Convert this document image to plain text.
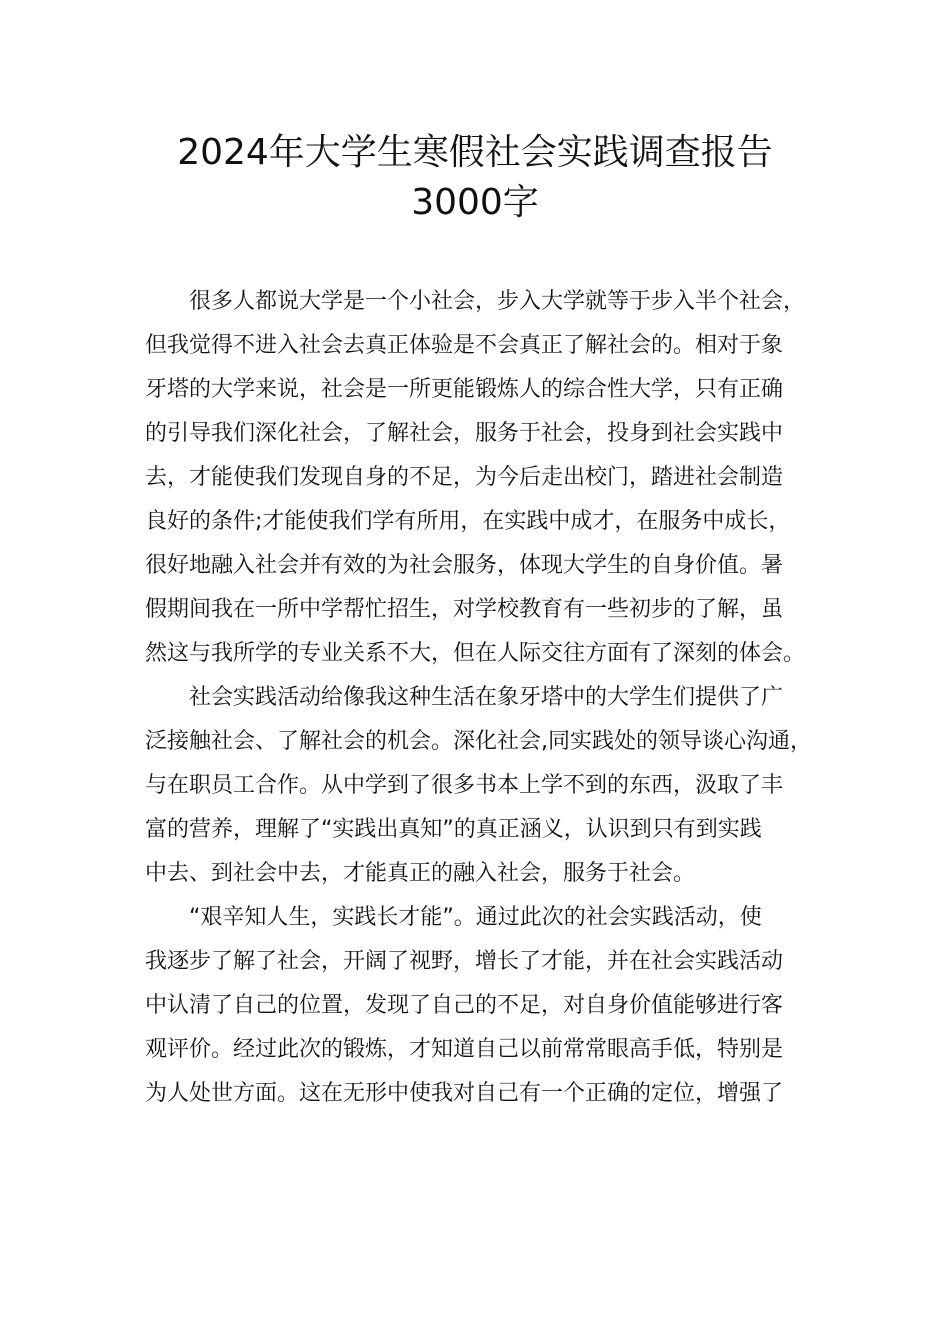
2024年大学生寒假社会实践调查报告
3000字
很多人都说大学是一个小社会，步入大学就等于步入半个社会，
但我觉得不进入社会去真正体验是不会真正了解社会的。相对于象
牙塔的大学来说，社会是一所更能锻炼人的综合性大学，只有正确
的引导我们深化社会，了解社会，服务于社会，投身到社会实践中
去，才能使我们发现自身的不足，为今后走出校门，踏进社会制造
良好的条件;才能使我们学有所用，在实践中成才，在服务中成长，
很好地融入社会并有效的为社会服务，体现大学生的自身价值。暑
假期间我在一所中学帮忙招生，对学校教育有一些初步的了解，虽
然这与我所学的专业关系不大，但在人际交往方面有了深刻的体会。
社会实践活动给像我这种生活在象牙塔中的大学生们提供了广
泛接触社会、了解社会的机会。深化社会,同实践处的领导谈心沟通，
与在职员工合作。从中学到了很多书本上学不到的东西，汲取了丰
富的营养，理解了“实践出真知”的真正涵义，认识到只有到实践
中去、到社会中去，才能真正的融入社会，服务于社会。
“艰辛知人生，实践长才能”。通过此次的社会实践活动，使
我逐步了解了社会，开阔了视野，增长了才能，并在社会实践活动
中认清了自己的位置，发现了自己的不足，对自身价值能够进行客
观评价。经过此次的锻炼，才知道自己以前常常眼高手低，特别是
为人处世方面。这在无形中使我对自己有一个正确的定位，增强了
